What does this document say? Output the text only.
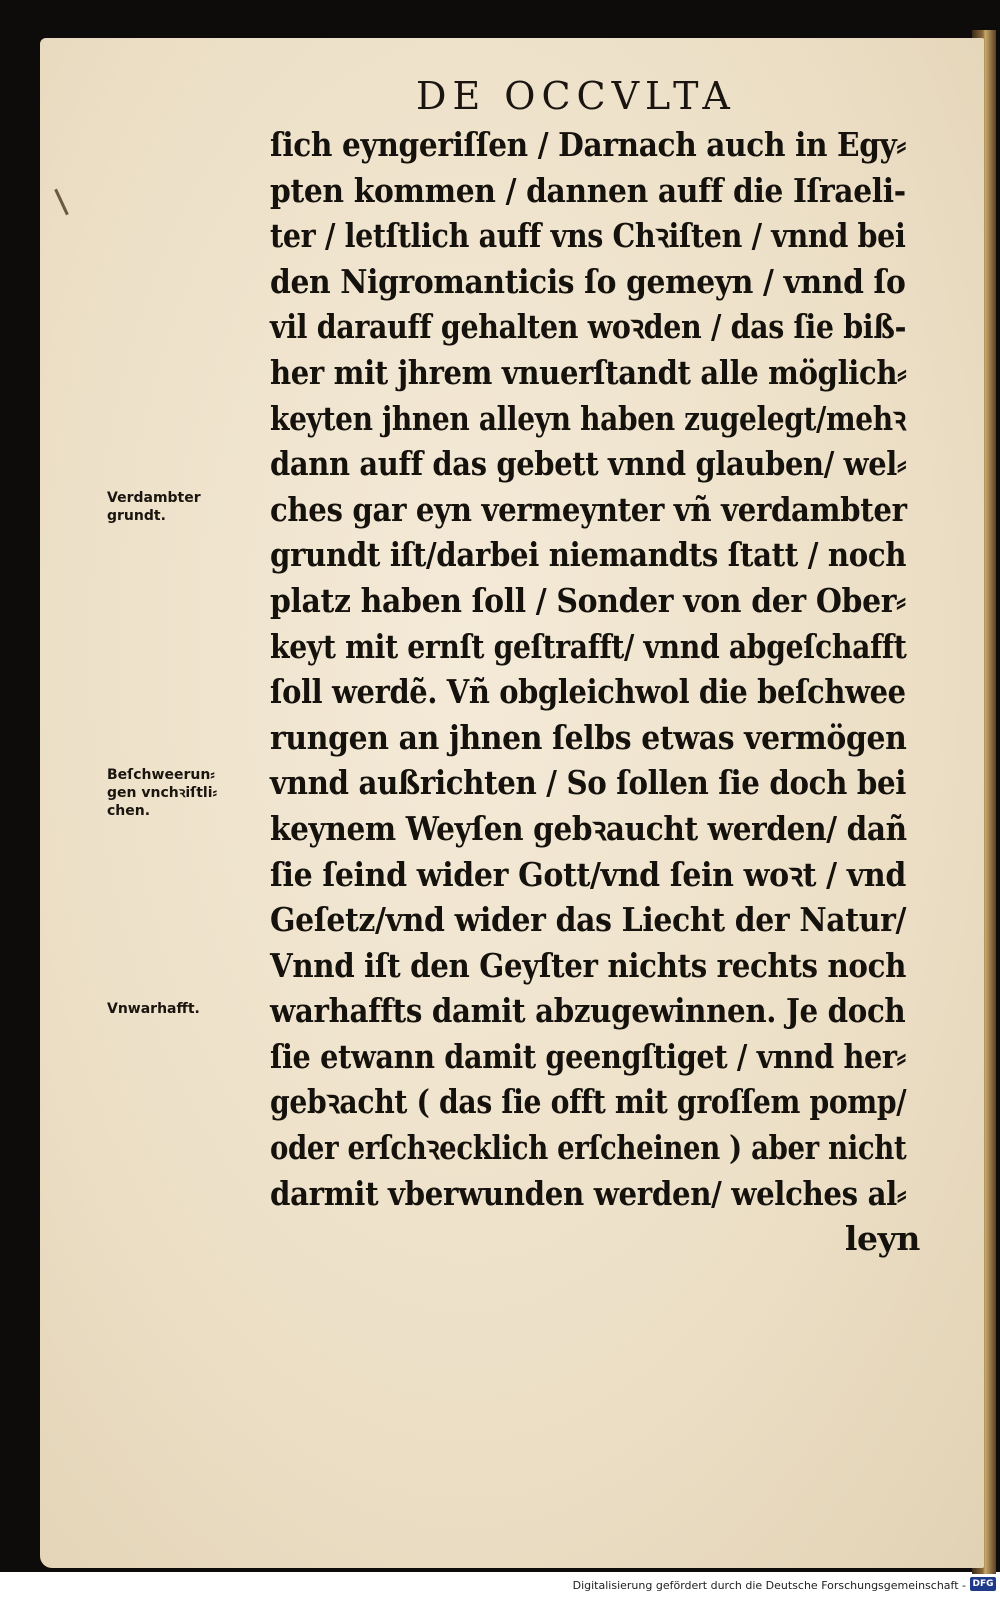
DE OCCVLTA
ſich eyngeriſſen / Darnach auch in Egy⸗
pten kommen / dannen auff die Iſraeli-
ter / letſtlich auff vns Chꝛiſten / vnnd bei
den Nigromanticis ſo gemeyn / vnnd ſo
vil darauff gehalten woꝛden / das ſie biß-
her mit jhrem vnuerſtandt alle möglich⸗
keyten jhnen alleyn haben zugelegt/mehꝛ
dann auff das gebett vnnd glauben/ wel⸗
ches gar eyn vermeynter vñ verdambter
grundt iſt/darbei niemandts ſtatt / noch
platz haben ſoll / Sonder von der Ober⸗
keyt mit ernſt geſtrafft/ vnnd abgeſchafft
ſoll werdẽ. Vñ obgleichwol die beſchwee
rungen an jhnen ſelbs etwas vermögen
vnnd außrichten / So ſollen ſie doch bei
keynem Weyſen gebꝛaucht werden/ dañ
ſie ſeind wider Gott/vnd ſein woꝛt / vnd
Geſetz/vnd wider das Liecht der Natur/
Vnnd iſt den Geyſter nichts rechts noch
warhaffts damit abzugewinnen. Je doch
ſie etwann damit geengſtiget / vnnd her⸗
gebꝛacht ( das ſie offt mit groſſem pomp/
oder erſchꝛecklich erſcheinen ) aber nicht
darmit vberwunden werden/ welches al⸗
leyn
Verdambter
grundt.
Beſchweerun⸗
gen vnchꝛiſtli⸗
chen.
Vnwarhafft.
Digitalisierung gefördert durch die Deutsche Forschungsgemeinschaft - DFG
